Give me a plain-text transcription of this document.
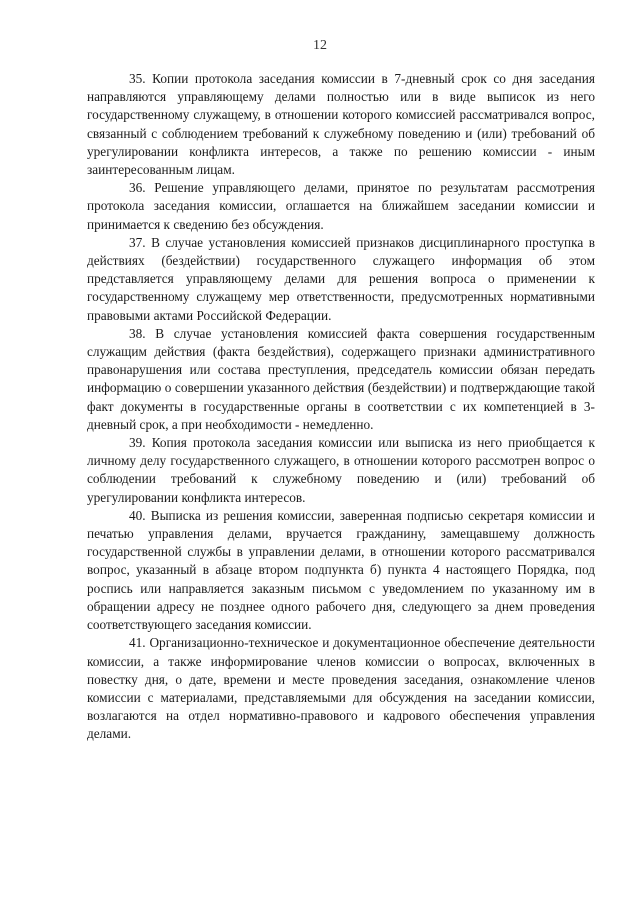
12

35. Копии протокола заседания комиссии в 7-дневный срок со дня заседания направляются управляющему делами полностью или в виде выписок из него государственному служащему, в отношении которого комиссией рассматривался вопрос, связанный с соблюдением требований к служебному поведению и (или) требований об урегулировании конфликта интересов, а также по решению комиссии - иным заинтересованным лицам.

36. Решение управляющего делами, принятое по результатам рассмотрения протокола заседания комиссии, оглашается на ближайшем заседании комиссии и принимается к сведению без обсуждения.

37. В случае установления комиссией признаков дисциплинарного проступка в действиях (бездействии) государственного служащего информация об этом представляется управляющему делами для решения вопроса о применении к государственному служащему мер ответственности, предусмотренных нормативными правовыми актами Российской Федерации.

38. В случае установления комиссией факта совершения государственным служащим действия (факта бездействия), содержащего признаки административного правонарушения или состава преступления, председатель комиссии обязан передать информацию о совершении указанного действия (бездействии) и подтверждающие такой факт документы в государственные органы в соответствии с их компетенцией в 3-дневный срок, а при необходимости - немедленно.

39. Копия протокола заседания комиссии или выписка из него приобщается к личному делу государственного служащего, в отношении которого рассмотрен вопрос о соблюдении требований к служебному поведению и (или) требований об урегулировании конфликта интересов.

40. Выписка из решения комиссии, заверенная подписью секретаря комиссии и печатью управления делами, вручается гражданину, замещавшему должность государственной службы в управлении делами, в отношении которого рассматривался вопрос, указанный в абзаце втором подпункта б) пункта 4 настоящего Порядка, под роспись или направляется заказным письмом с уведомлением по указанному им в обращении адресу не позднее одного рабочего дня, следующего за днем проведения соответствующего заседания комиссии.

41. Организационно-техническое и документационное обеспечение деятельности комиссии, а также информирование членов комиссии о вопросах, включенных в повестку дня, о дате, времени и месте проведения заседания, ознакомление членов комиссии с материалами, представляемыми для обсуждения на заседании комиссии, возлагаются на отдел нормативно-правового и кадрового обеспечения управления делами.
